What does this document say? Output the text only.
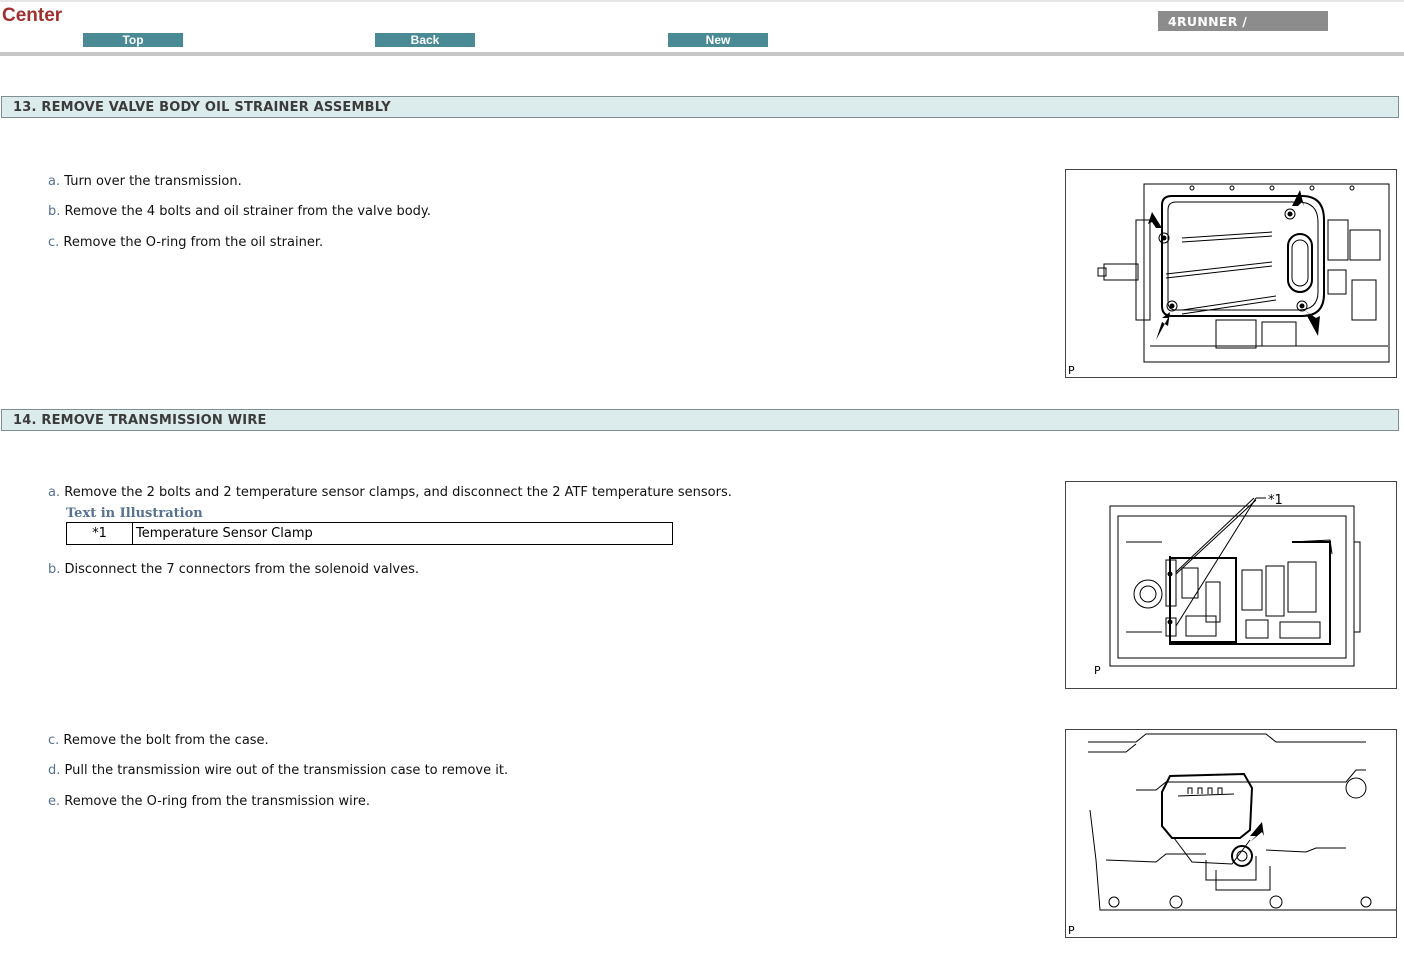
Center
Top	Back	New
4RUNNER /
13. REMOVE VALVE BODY OIL STRAINER ASSEMBLY
a. Turn over the transmission.
b. Remove the 4 bolts and oil strainer from the valve body.
c. Remove the O-ring from the oil strainer.
P
14. REMOVE TRANSMISSION WIRE
a. Remove the 2 bolts and 2 temperature sensor clamps, and disconnect the 2 ATF temperature sensors.
Text in Illustration
*1	Temperature Sensor Clamp
b. Disconnect the 7 connectors from the solenoid valves.
*1
P
c. Remove the bolt from the case.
d. Pull the transmission wire out of the transmission case to remove it.
e. Remove the O-ring from the transmission wire.
P
